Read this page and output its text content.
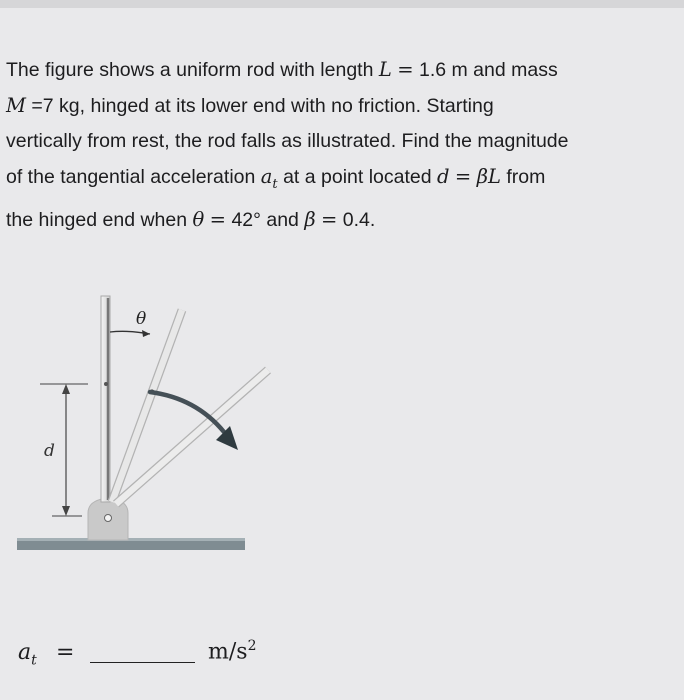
The figure shows a uniform rod with length L = 1.6 m and mass
M =7 kg, hinged at its lower end with no friction. Starting
vertically from rest, the rod falls as illustrated. Find the magnitude
of the tangential acceleration $a_t$ at a point located d = βL from
the hinged end when θ = 42° and β = 0.4.
θ
d
$a_t$ =	$m/s^2$
